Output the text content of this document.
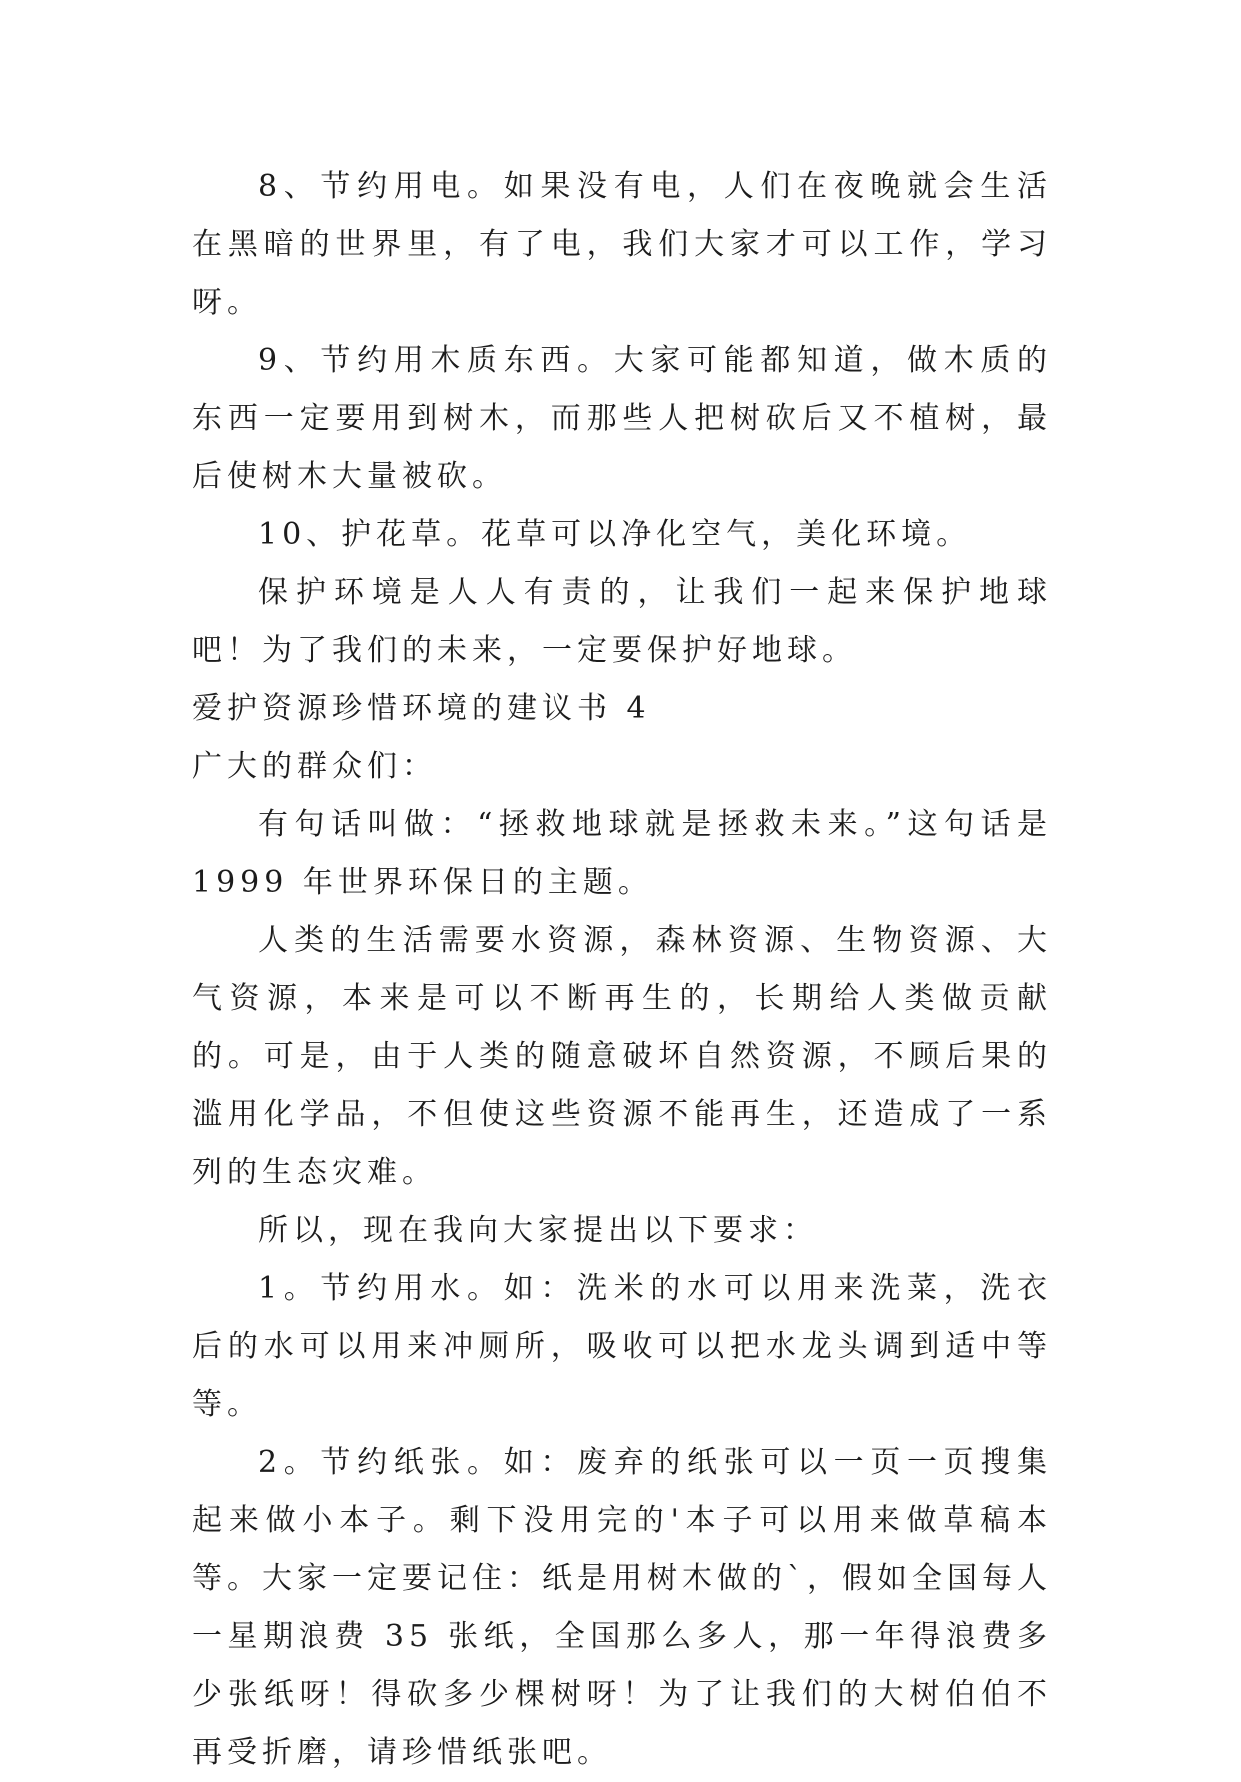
8、节约用电。如果没有电，人们在夜晚就会生活在黑暗的世界里，有了电，我们大家才可以工作，学习呀。

9、节约用木质东西。大家可能都知道，做木质的东西一定要用到树木，而那些人把树砍后又不植树，最后使树木大量被砍。

10、护花草。花草可以净化空气，美化环境。

保护环境是人人有责的，让我们一起来保护地球吧！为了我们的未来，一定要保护好地球。

爱护资源珍惜环境的建议书 4

广大的群众们：

有句话叫做：“拯救地球就是拯救未来。”这句话是 1999 年世界环保日的主题。

人类的生活需要水资源，森林资源、生物资源、大气资源，本来是可以不断再生的，长期给人类做贡献的。可是，由于人类的随意破坏自然资源，不顾后果的滥用化学品，不但使这些资源不能再生，还造成了一系列的生态灾难。

所以，现在我向大家提出以下要求：

1。节约用水。如：洗米的水可以用来洗菜，洗衣后的水可以用来冲厕所，吸收可以把水龙头调到适中等等。

2。节约纸张。如：废弃的纸张可以一页一页搜集起来做小本子。剩下没用完的'本子可以用来做草稿本等。大家一定要记住：纸是用树木做的`，假如全国每人一星期浪费 35 张纸，全国那么多人，那一年得浪费多少张纸呀！得砍多少棵树呀！为了让我们的大树伯伯不再受折磨，请珍惜纸张吧。
